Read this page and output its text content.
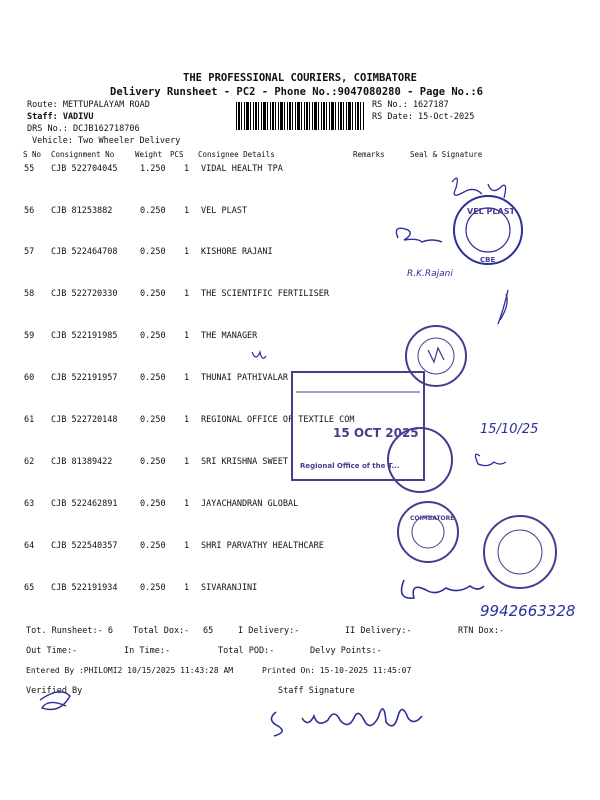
THE PROFESSIONAL COURIERS, COIMBATORE
Delivery Runsheet - PC2 - Phone No.:9047080280 - Page No.:6
Route: METTUPALAYAM ROAD
Staff: VADIVU
DRS No.: DCJB162718706
Vehicle: Two Wheeler Delivery
RS No.: 1627187
RS Date: 15-Oct-2025
S No Consignment No	Weight PCS Consignee Details	Remarks	Seal & Signature
55 CJB 522704045	1.250 1 VIDAL HEALTH TPA
56 CJB 81253882	0.250 1 VEL PLAST
57 CJB 522464708	0.250 1 KISHORE RAJANI
58 CJB 522720330	0.250 1 THE SCIENTIFIC FERTILISER
59 CJB 522191985	0.250 1 THE MANAGER
60 CJB 522191957	0.250 1 THUNAI PATHIVALAR
61 CJB 522720148	0.250 1 REGIONAL OFFICE OF TEXTILE COM
62 CJB 81389422	0.250 1 SRI KRISHNA SWEET
63 CJB 522462891	0.250 1 JAYACHANDRAN GLOBAL
64 CJB 522540357	0.250 1 SHRI PARVATHY HEALTHCARE
65 CJB 522191934	0.250 1 SIVARANJINI
Tot. Runsheet:- 6 Total Dox:- 65	I Delivery:-	II Delivery:-	RTN Dox:-
Out Time:-	In Time:-	Total POD:-	Delvy Points:-
Entered By :PHILOMI2 10/15/2025 11:43:28 AM	Printed On: 15-10-2025 11:45:07
Verified By	Staff Signature
VEL PLAST
CBE
R.K.Rajani
15 OCT 2025
Regional Office of the T...
15/10/25
COIMBATORE
9942663328
